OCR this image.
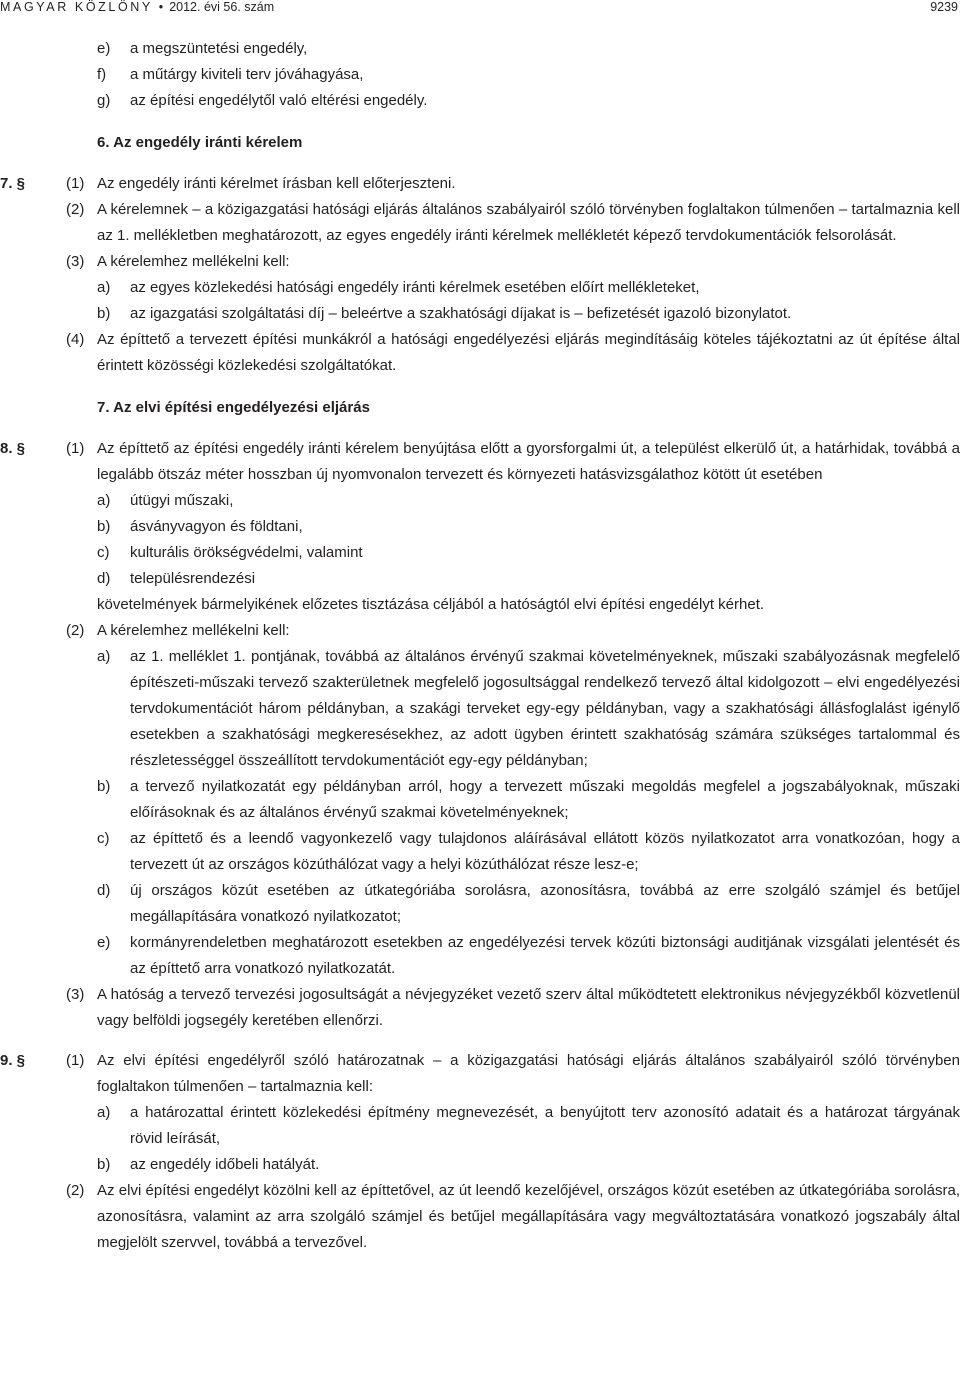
MAGYAR KÖZLÖNY • 2012. évi 56. szám	9239
e) a megszüntetési engedély,
f) a műtárgy kiviteli terv jóváhagyása,
g) az építési engedélytől való eltérési engedély.
6. Az engedély iránti kérelem
7. §	(1) Az engedély iránti kérelmet írásban kell előterjeszteni.
(2) A kérelemnek – a közigazgatási hatósági eljárás általános szabályairól szóló törvényben foglaltakon túlmenően – tartalmaznia kell az 1. mellékletben meghatározott, az egyes engedély iránti kérelmek mellékletét képező tervdokumentációk felsorolását.
(3) A kérelemhez mellékelni kell:
a) az egyes közlekedési hatósági engedély iránti kérelmek esetében előírt mellékleteket,
b) az igazgatási szolgáltatási díj – beleértve a szakhatósági díjakat is – befizetését igazoló bizonylatot.
(4) Az építtető a tervezett építési munkákról a hatósági engedélyezési eljárás megindításáig köteles tájékoztatni az út építése által érintett közösségi közlekedési szolgáltatókat.
7. Az elvi építési engedélyezési eljárás
8. §	(1) Az építtető az építési engedély iránti kérelem benyújtása előtt a gyorsforgalmi út, a települést elkerülő út, a határhidak, továbbá a legalább ötszáz méter hosszban új nyomvonalon tervezett és környezeti hatásvizsgálathoz kötött út esetében
a) útügyi műszaki,
b) ásványvagyon és földtani,
c) kulturális örökségvédelmi, valamint
d) településrendezési
követelmények bármelyikének előzetes tisztázása céljából a hatóságtól elvi építési engedélyt kérhet.
(2) A kérelemhez mellékelni kell:
a) az 1. melléklet 1. pontjának, továbbá az általános érvényű szakmai követelményeknek, műszaki szabályozásnak megfelelő építészeti-műszaki tervező szakterületnek megfelelő jogosultsággal rendelkező tervező által kidolgozott – elvi engedélyezési tervdokumentációt három példányban, a szakági terveket egy-egy példányban, vagy a szakhatósági állásfoglalást igénylő esetekben a szakhatósági megkeresésekhez, az adott ügyben érintett szakhatóság számára szükséges tartalommal és részletességgel összeállított tervdokumentációt egy-egy példányban;
b) a tervező nyilatkozatát egy példányban arról, hogy a tervezett műszaki megoldás megfelel a jogszabályoknak, műszaki előírásoknak és az általános érvényű szakmai követelményeknek;
c) az építtető és a leendő vagyonkezelő vagy tulajdonos aláírásával ellátott közös nyilatkozatot arra vonatkozóan, hogy a tervezett út az országos közúthálózat vagy a helyi közúthálózat része lesz-e;
d) új országos közút esetében az útkategóriába sorolásra, azonosításra, továbbá az erre szolgáló számjel és betűjel megállapítására vonatkozó nyilatkozatot;
e) kormányrendeletben meghatározott esetekben az engedélyezési tervek közúti biztonsági auditjának vizsgálati jelentését és az építtető arra vonatkozó nyilatkozatát.
(3) A hatóság a tervező tervezési jogosultságát a névjegyzéket vezető szerv által működtetett elektronikus névjegyzékből közvetlenül vagy belföldi jogsegély keretében ellenőrzi.
9. §	(1) Az elvi építési engedélyről szóló határozatnak – a közigazgatási hatósági eljárás általános szabályairól szóló törvényben foglaltakon túlmenően – tartalmaznia kell:
a) a határozattal érintett közlekedési építmény megnevezését, a benyújtott terv azonosító adatait és a határozat tárgyának rövid leírását,
b) az engedély időbeli hatályát.
(2) Az elvi építési engedélyt közölni kell az építtetővel, az út leendő kezelőjével, országos közút esetében az útkategóriába sorolásra, azonosításra, valamint az arra szolgáló számjel és betűjel megállapítására vagy megváltoztatására vonatkozó jogszabály által megjelölt szervvel, továbbá a tervezővel.
